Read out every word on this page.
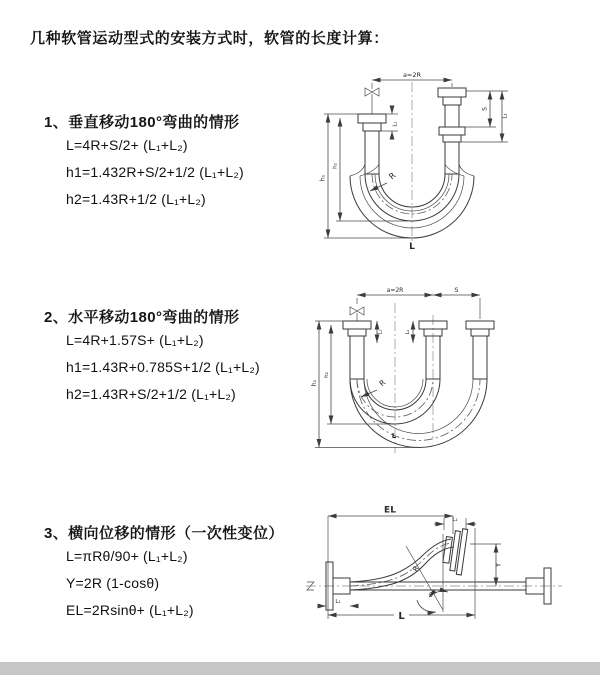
几种软管运动型式的安装方式时，软管的长度计算：
1、垂直移动180°弯曲的情形
L=4R+S/2+ (L₁+L₂)
h1=1.432R+S/2+1/2 (L₁+L₂)
h2=1.43R+1/2 (L₁+L₂)
2、水平移动180°弯曲的情形
L=4R+1.57S+ (L₁+L₂)
h1=1.43R+0.785S+1/2 (L₁+L₂)
h2=1.43R+S/2+1/2 (L₁+L₂)
3、横向位移的情形（一次性变位）
L=πRθ/90+ (L₁+L₂)
Y=2R (1-cosθ)
EL=2Rsinθ+ (L₁+L₂)
a=2R
h₁
h₂
L₁
S
L₂
R
L
a=2R	S
h₁
h₂
L₁	L₂
R
L
EL
L₁
Y
R
θ
L₁
L
